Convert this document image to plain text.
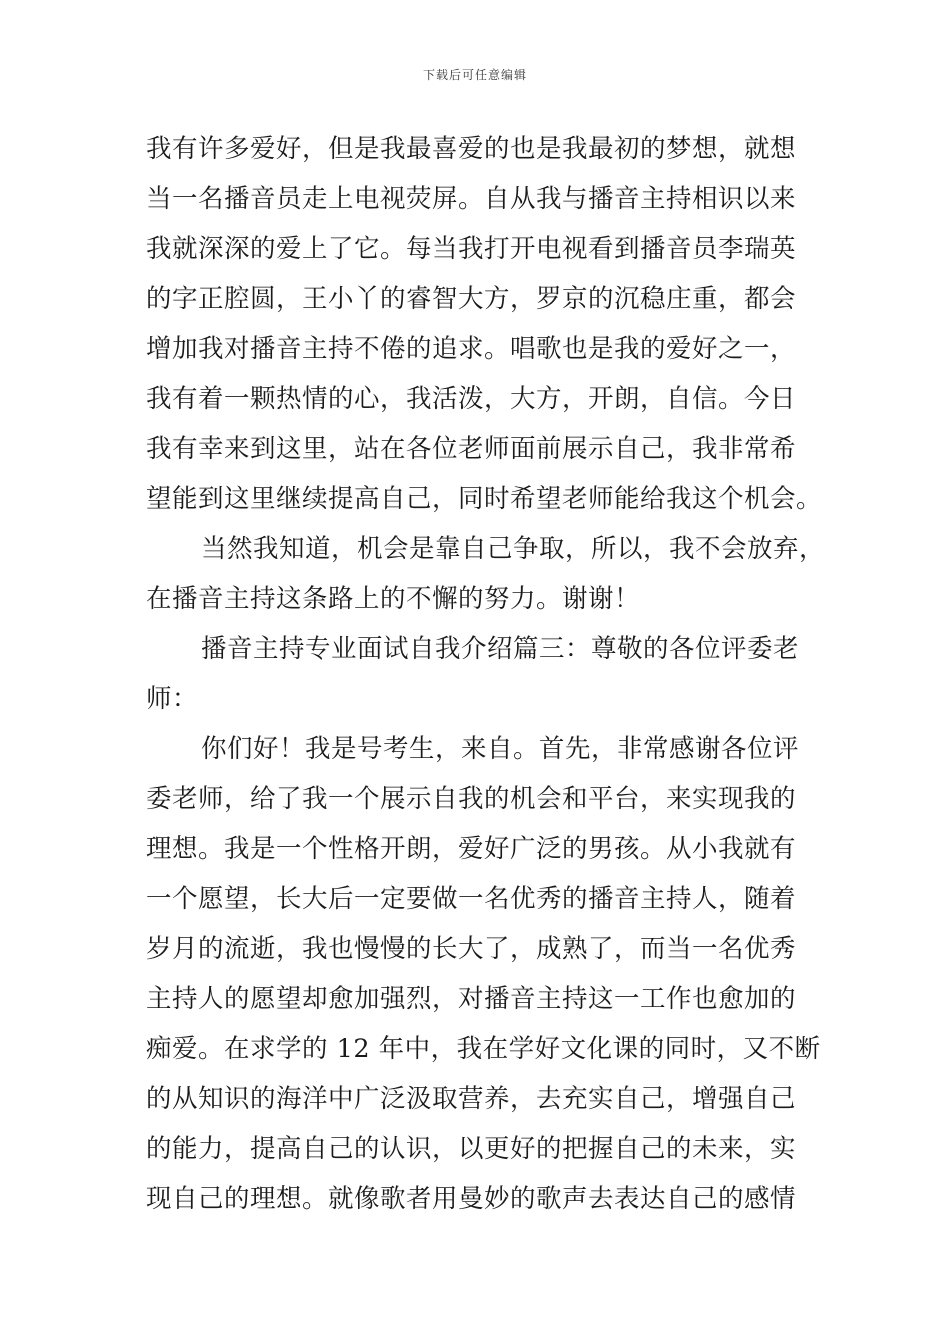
下载后可任意编辑
我有许多爱好，但是我最喜爱的也是我最初的梦想，就想
当一名播音员走上电视荧屏。自从我与播音主持相识以来
我就深深的爱上了它。每当我打开电视看到播音员李瑞英
的字正腔圆，王小丫的睿智大方，罗京的沉稳庄重，都会
增加我对播音主持不倦的追求。唱歌也是我的爱好之一，
我有着一颗热情的心，我活泼，大方，开朗，自信。今日
我有幸来到这里，站在各位老师面前展示自己，我非常希
望能到这里继续提高自己，同时希望老师能给我这个机会。
当然我知道，机会是靠自己争取，所以，我不会放弃，
在播音主持这条路上的不懈的努力。谢谢！
播音主持专业面试自我介绍篇三：尊敬的各位评委老
师：
你们好！我是号考生，来自。首先，非常感谢各位评
委老师，给了我一个展示自我的机会和平台，来实现我的
理想。我是一个性格开朗，爱好广泛的男孩。从小我就有
一个愿望，长大后一定要做一名优秀的播音主持人，随着
岁月的流逝，我也慢慢的长大了，成熟了，而当一名优秀
主持人的愿望却愈加强烈，对播音主持这一工作也愈加的
痴爱。在求学的 12 年中，我在学好文化课的同时，又不断
的从知识的海洋中广泛汲取营养，去充实自己，增强自己
的能力，提高自己的认识，以更好的把握自己的未来，实
现自己的理想。就像歌者用曼妙的歌声去表达自己的感情
